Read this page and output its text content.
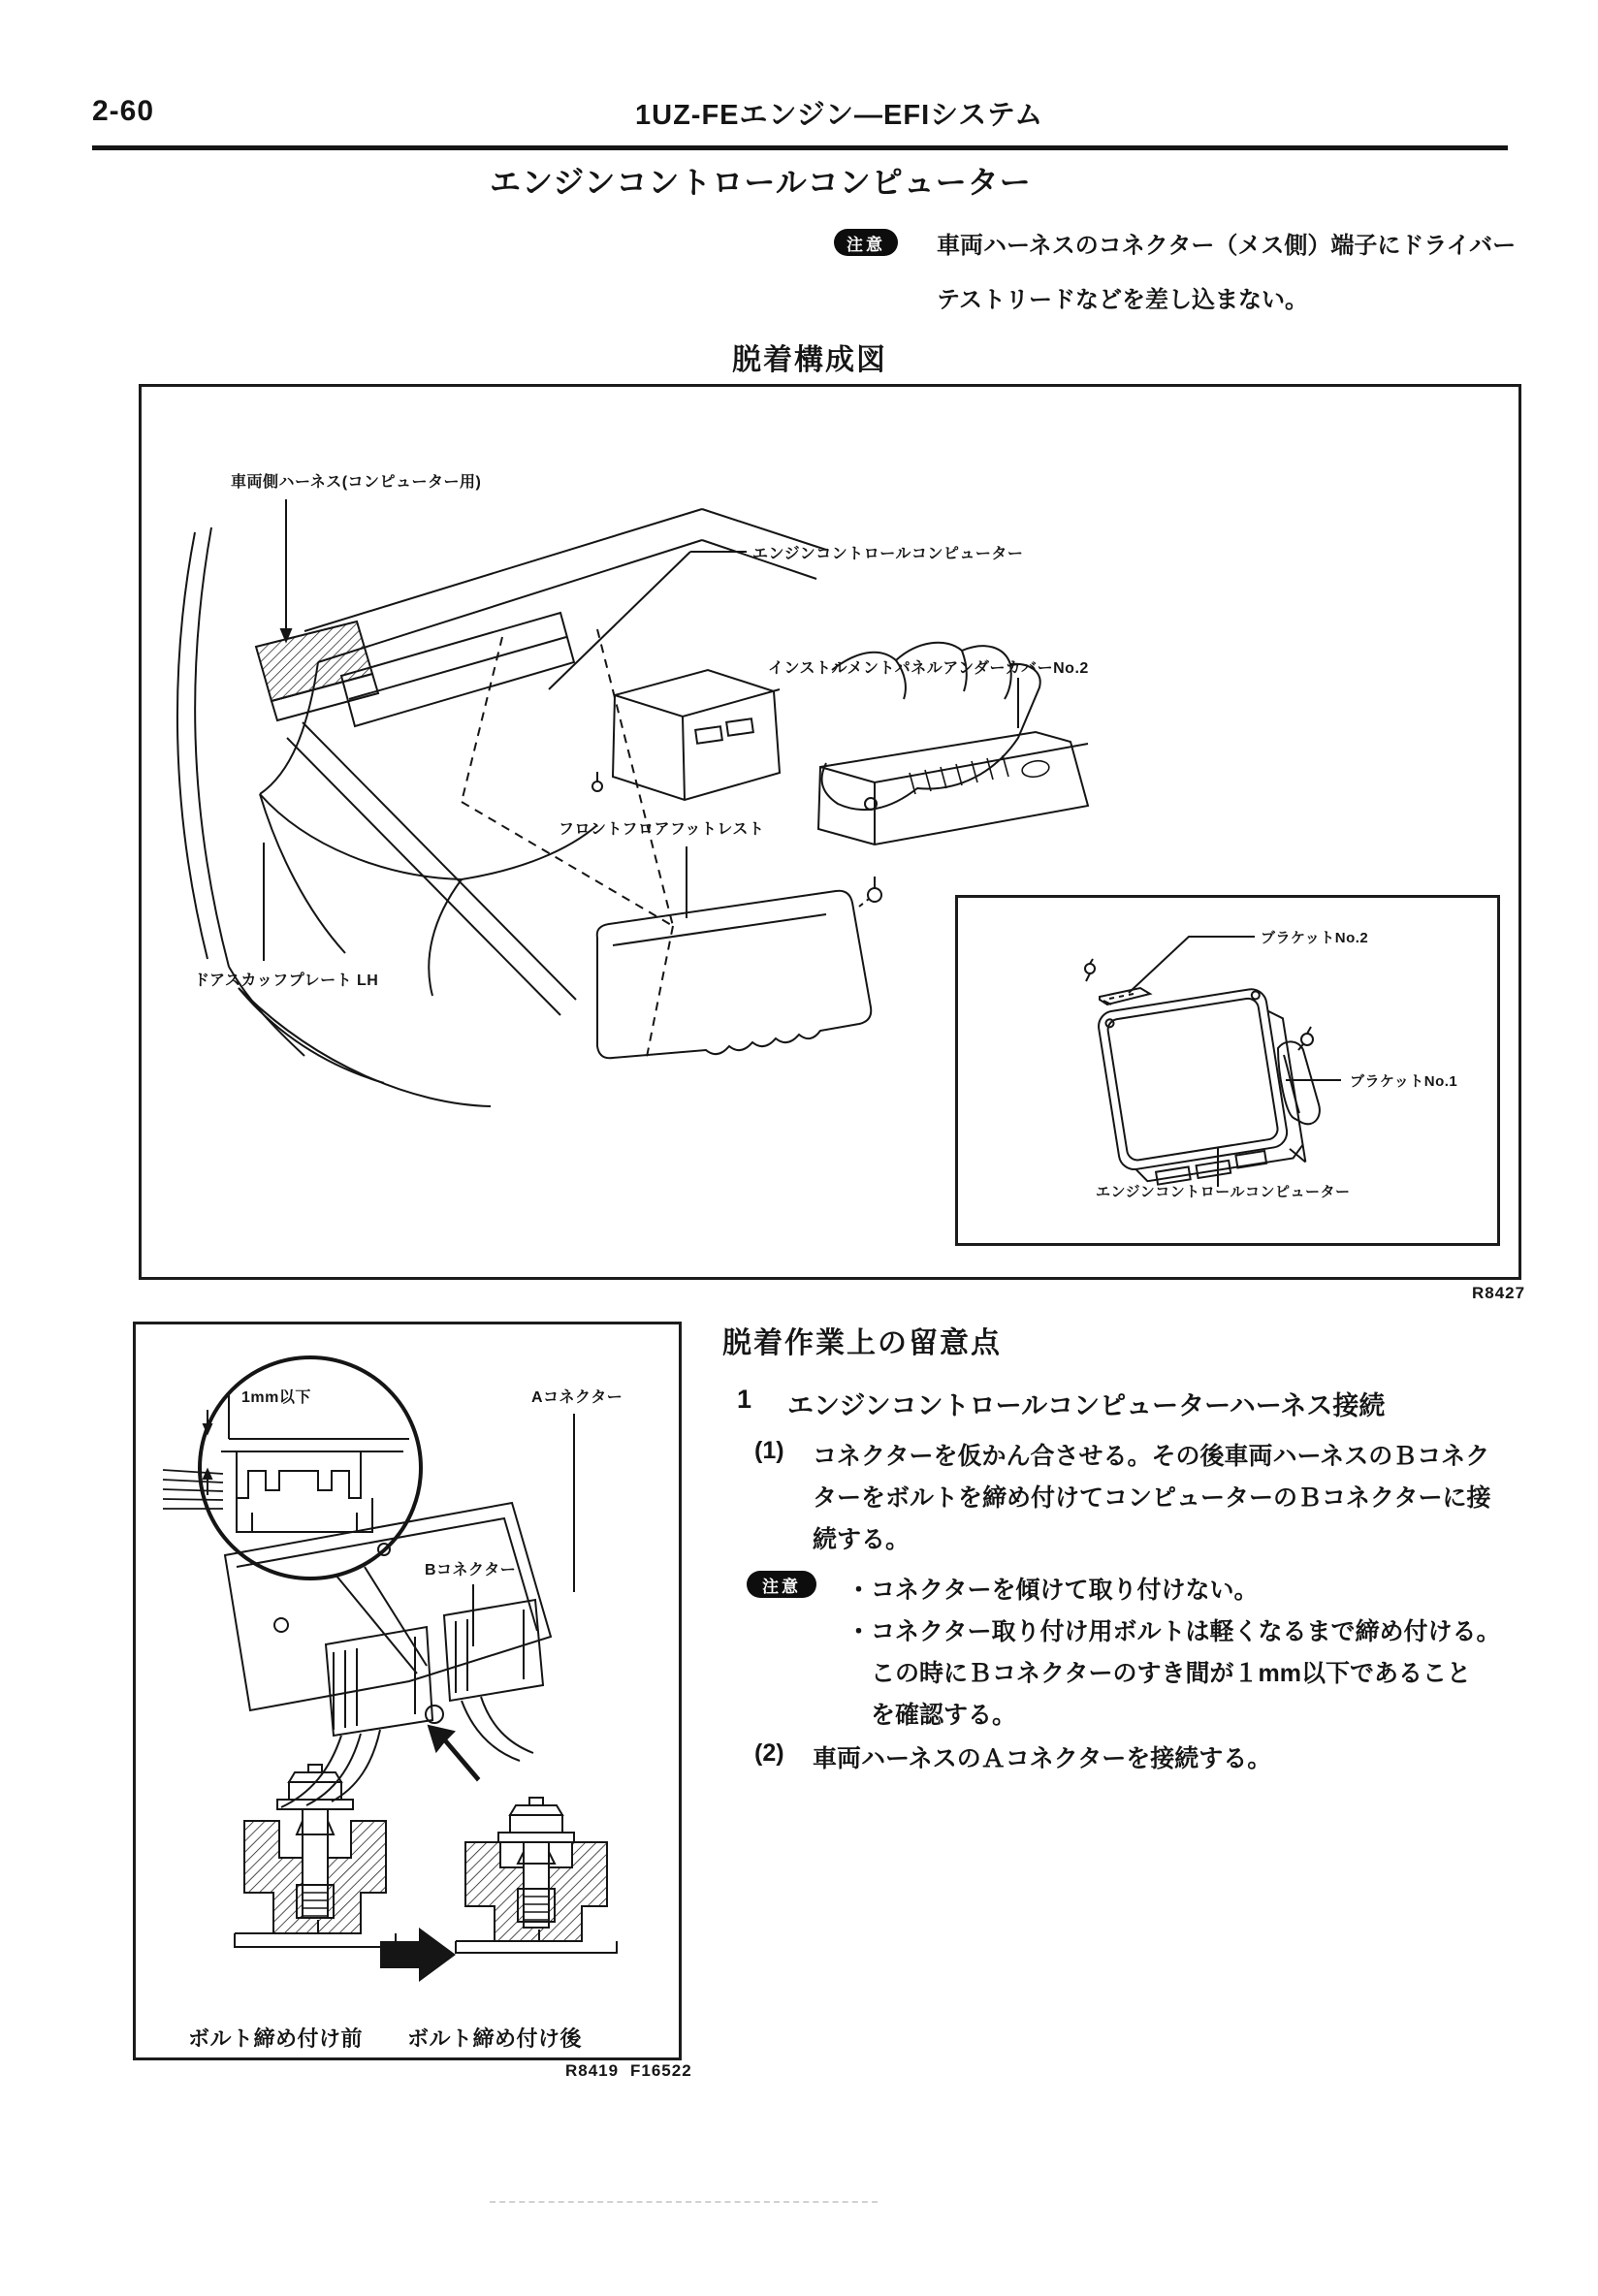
2-60	1UZ-FEエンジン—EFIシステム
エンジンコントロールコンピューター
注意	車両ハーネスのコネクター（メス側）端子にドライバー
テストリードなどを差し込まない。
脱着構成図
車両側ハーネス(コンピューター用)
エンジンコントロールコンピューター
インストルメントパネルアンダーカバーNo.2
フロントフロアフットレスト
ドアスカッフプレート LH
ブラケットNo.2
ブラケットNo.1
エンジンコントロールコンピューター
R8427
脱着作業上の留意点
1 エンジンコントロールコンピューターハーネス接続
(1) コネクターを仮かん合させる。その後車両ハーネスのＢコネク
ターをボルトを締め付けてコンピューターのＢコネクターに接
続する。
注意	・コネクターを傾けて取り付けない。
・コネクター取り付け用ボルトは軽くなるまで締め付ける。
この時にＢコネクターのすき間が１mm以下であること
を確認する。
(2) 車両ハーネスのＡコネクターを接続する。
1mm以下	Aコネクター
Bコネクター
ボルト締め付け前 ボルト締め付け後
R8419 F16522
